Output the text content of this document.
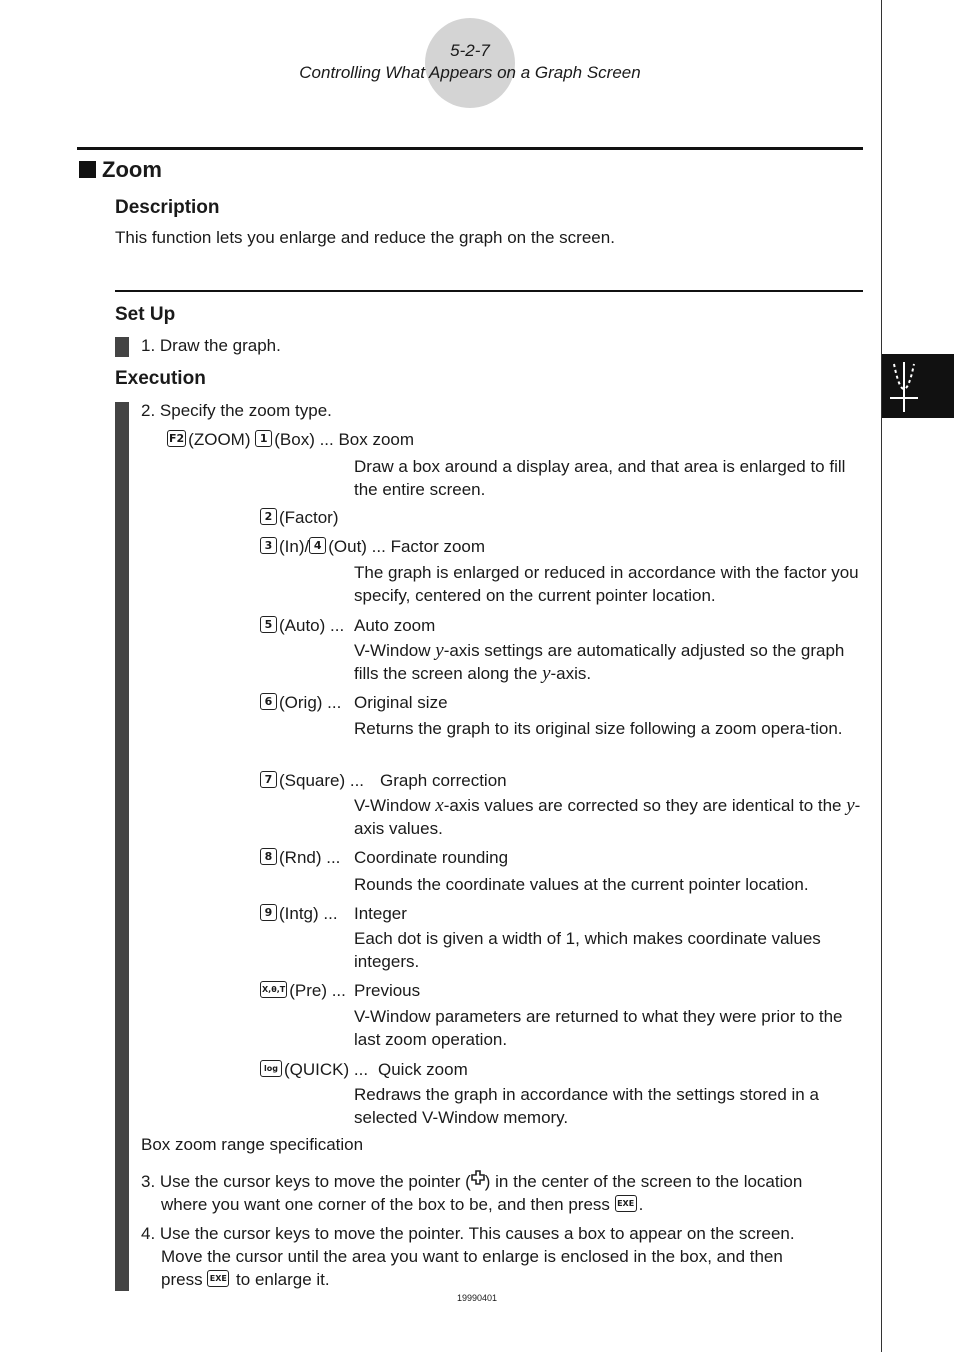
5-2-7
Controlling What Appears on a Graph Screen
Zoom
Description
This function lets you enlarge and reduce the graph on the screen.
Set Up
1. Draw the graph.
Execution
2. Specify the zoom type.
F2 (ZOOM) 1 (Box) ... Box zoom
Draw a box around a display area, and that area is enlarged to fill the entire screen.
2 (Factor)
3 (In)/ 4 (Out) ... Factor zoom
The graph is enlarged or reduced in accordance with the factor you specify, centered on the current pointer location.
5 (Auto) ... Auto zoom
V-Window y-axis settings are automatically adjusted so the graph fills the screen along the y-axis.
6 (Orig) ... Original size
Returns the graph to its original size following a zoom opera-tion.
7 (Square) ... Graph correction
V-Window x-axis values are corrected so they are identical to the y-axis values.
8 (Rnd) ... Coordinate rounding
Rounds the coordinate values at the current pointer location.
9 (Intg) ... Integer
Each dot is given a width of 1, which makes coordinate values integers.
X,θ,T (Pre) ... Previous
V-Window parameters are returned to what they were prior to the last zoom operation.
log (QUICK) ... Quick zoom
Redraws the graph in accordance with the settings stored in a selected V-Window memory.
Box zoom range specification
3. Use the cursor keys to move the pointer ( ) in the center of the screen to the location
where you want one corner of the box to be, and then press EXE .
4. Use the cursor keys to move the pointer. This causes a box to appear on the screen.
Move the cursor until the area you want to enlarge is enclosed in the box, and then
press EXE to enlarge it.
19990401
